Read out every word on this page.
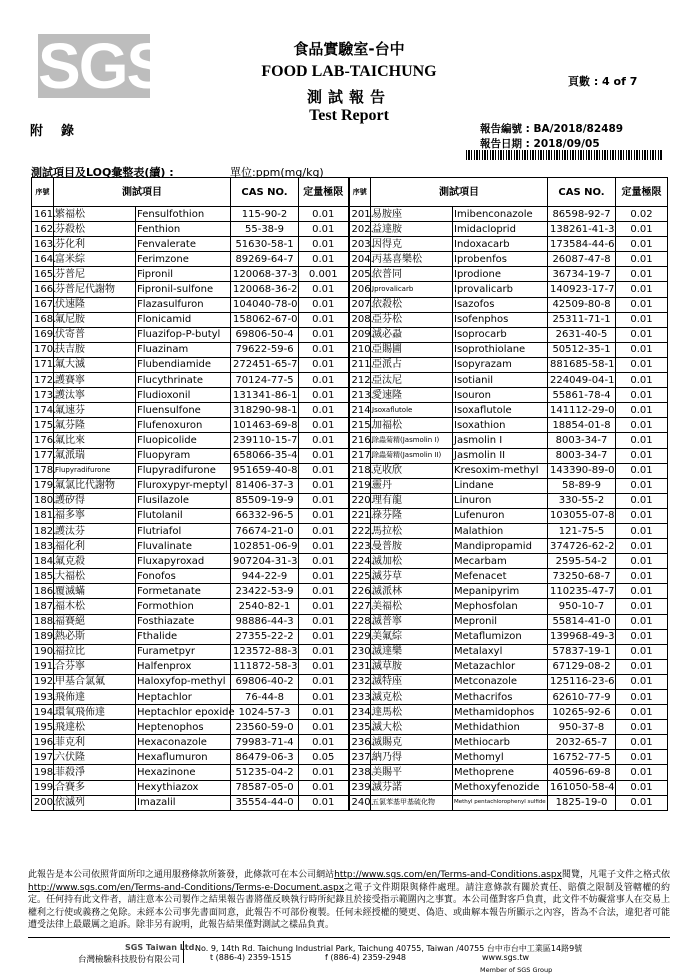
SGS	食品實驗室-台中
FOOD LAB-TAICHUNG
測試報告
Test Report
頁數 : 4 of 7
附錄	報告編號 : BA/2018/82489
報告日期 : 2018/09/05
測試項目及LOQ彙整表(續) :	單位:ppm(mg/kg)
序號	測試項目		CAS NO.	定量極限	序號	測試項目		CAS NO.	定量極限
161.	繁福松	Fensulfothion	115-90-2	0.01	201.	易胺座	Imibenconazole	86598-92-7	0.02
162.	芬殺松	Fenthion	55-38-9	0.01	202.	益達胺	Imidacloprid	138261-41-3	0.01
163.	芬化利	Fenvalerate	51630-58-1	0.01	203.	因得克	Indoxacarb	173584-44-6	0.01
164.	富米綜	Ferimzone	89269-64-7	0.01	204.	丙基喜樂松	Iprobenfos	26087-47-8	0.01
165.	芬普尼	Fipronil	120068-37-3	0.001	205.	依普同	Iprodione	36734-19-7	0.01
166.	芬普尼代謝物	Fipronil-sulfone	120068-36-2	0.01	206.	Iprovalicarb	Iprovalicarb	140923-17-7	0.01
167.	伏速隆	Flazasulfuron	104040-78-0	0.01	207.	依殺松	Isazofos	42509-80-8	0.01
168.	氟尼胺	Flonicamid	158062-67-0	0.01	208.	亞芬松	Isofenphos	25311-71-1	0.01
169.	伏寄普	Fluazifop-P-butyl	69806-50-4	0.01	209.	滅必蝨	Isoprocarb	2631-40-5	0.01
170.	扶吉胺	Fluazinam	79622-59-6	0.01	210.	亞賜圃	Isoprothiolane	50512-35-1	0.01
171.	氟大滅	Flubendiamide	272451-65-7	0.01	211.	亞派占	Isopyrazam	881685-58-1	0.01
172.	護賽寧	Flucythrinate	70124-77-5	0.01	212.	亞汰尼	Isotianil	224049-04-1	0.01
173.	護汰寧	Fludioxonil	131341-86-1	0.01	213.	愛速隆	Isouron	55861-78-4	0.01
174.	氟速芬	Fluensulfone	318290-98-1	0.01	214.	Isoxaflutole	Isoxaflutole	141112-29-0	0.01
175.	氟芬隆	Flufenoxuron	101463-69-8	0.01	215.	加福松	Isoxathion	18854-01-8	0.01
176.	氟比來	Fluopicolide	239110-15-7	0.01	216.	除蟲菊精(Jasmolin I)	Jasmolin I	8003-34-7	0.01
177.	氟派瑞	Fluopyram	658066-35-4	0.01	217.	除蟲菊精(Jasmolin II)	Jasmolin II	8003-34-7	0.01
178.	Flupyradifurone	Flupyradifurone	951659-40-8	0.01	218.	克收欣	Kresoxim-methyl	143390-89-0	0.01
179.	氟氯比代謝物	Fluroxypyr-meptyl	81406-37-3	0.01	219.	靈丹	Lindane	58-89-9	0.01
180.	護矽得	Flusilazole	85509-19-9	0.01	220.	理有龍	Linuron	330-55-2	0.01
181.	福多寧	Flutolanil	66332-96-5	0.01	221.	祿芬隆	Lufenuron	103055-07-8	0.01
182.	護汰芬	Flutriafol	76674-21-0	0.01	222.	馬拉松	Malathion	121-75-5	0.01
183.	福化利	Fluvalinate	102851-06-9	0.01	223.	曼普胺	Mandipropamid	374726-62-2	0.01
184.	氟克殺	Fluxapyroxad	907204-31-3	0.01	224.	滅加松	Mecarbam	2595-54-2	0.01
185.	大福松	Fonofos	944-22-9	0.01	225.	滅芬草	Mefenacet	73250-68-7	0.01
186.	覆滅蟎	Formetanate	23422-53-9	0.01	226.	滅派林	Mepanipyrim	110235-47-7	0.01
187.	福木松	Formothion	2540-82-1	0.01	227.	美福松	Mephosfolan	950-10-7	0.01
188.	福賽絕	Fosthiazate	98886-44-3	0.01	228.	滅普寧	Mepronil	55814-41-0	0.01
189.	熱必斯	Fthalide	27355-22-2	0.01	229.	美氟綜	Metaflumizon	139968-49-3	0.01
190.	福拉比	Furametpyr	123572-88-3	0.01	230.	滅達樂	Metalaxyl	57837-19-1	0.01
191.	合芬寧	Halfenprox	111872-58-3	0.01	231.	滅草胺	Metazachlor	67129-08-2	0.01
192.	甲基合氯氟	Haloxyfop-methyl	69806-40-2	0.01	232.	滅特座	Metconazole	125116-23-6	0.01
193.	飛佈達	Heptachlor	76-44-8	0.01	233.	滅克松	Methacrifos	62610-77-9	0.01
194.	環氧飛佈達	Heptachlor epoxide	1024-57-3	0.01	234.	達馬松	Methamidophos	10265-92-6	0.01
195.	飛達松	Heptenophos	23560-59-0	0.01	235.	滅大松	Methidathion	950-37-8	0.01
196.	菲克利	Hexaconazole	79983-71-4	0.01	236.	滅賜克	Methiocarb	2032-65-7	0.01
197.	六伏隆	Hexaflumuron	86479-06-3	0.05	237.	納乃得	Methomyl	16752-77-5	0.01
198.	菲殺淨	Hexazinone	51235-04-2	0.01	238.	美賜平	Methoprene	40596-69-8	0.01
199.	合賽多	Hexythiazox	78587-05-0	0.01	239.	滅芬諾	Methoxyfenozide	161050-58-4	0.01
200.	依滅列	Imazalil	35554-44-0	0.01	240.	五氯苯基甲基硫化物	Methyl pentachlorophenyl sulfide	1825-19-0	0.01
此報告是本公司依照背面所印之通用服務條款所簽發，此條款可在本公司網站http://www.sgs.com/en/Terms-and-Conditions.aspx閱覽，凡電子文件之格式依http://www.sgs.com/en/Terms-and-Conditions/Terms-e-Document.aspx之電子文件期限與條件處理。請注意條款有關於責任、賠償之限制及管轄權的約定。任何持有此文件者，請注意本公司製作之結果報告書將僅反映執行時所紀錄且於接受指示範圍內之事實。本公司僅對客戶負責，此文件不妨礙當事人在交易上權利之行使或義務之免除。未經本公司事先書面同意，此報告不可部份複製。任何未經授權的變更、偽造、或曲解本報告所顯示之內容，皆為不合法，違犯者可能遭受法律上最嚴厲之追訴。除非另有說明，此報告結果僅對測試之樣品負責。
SGS Taiwan Ltd.
台灣檢驗科技股份有限公司
No. 9, 14th Rd. Taichung Industrial Park, Taichung 40755, Taiwan /40755 台中市台中工業區14路9號
t (886-4) 2359-1515	f (886-4) 2359-2948	www.sgs.tw
Member of SGS Group
